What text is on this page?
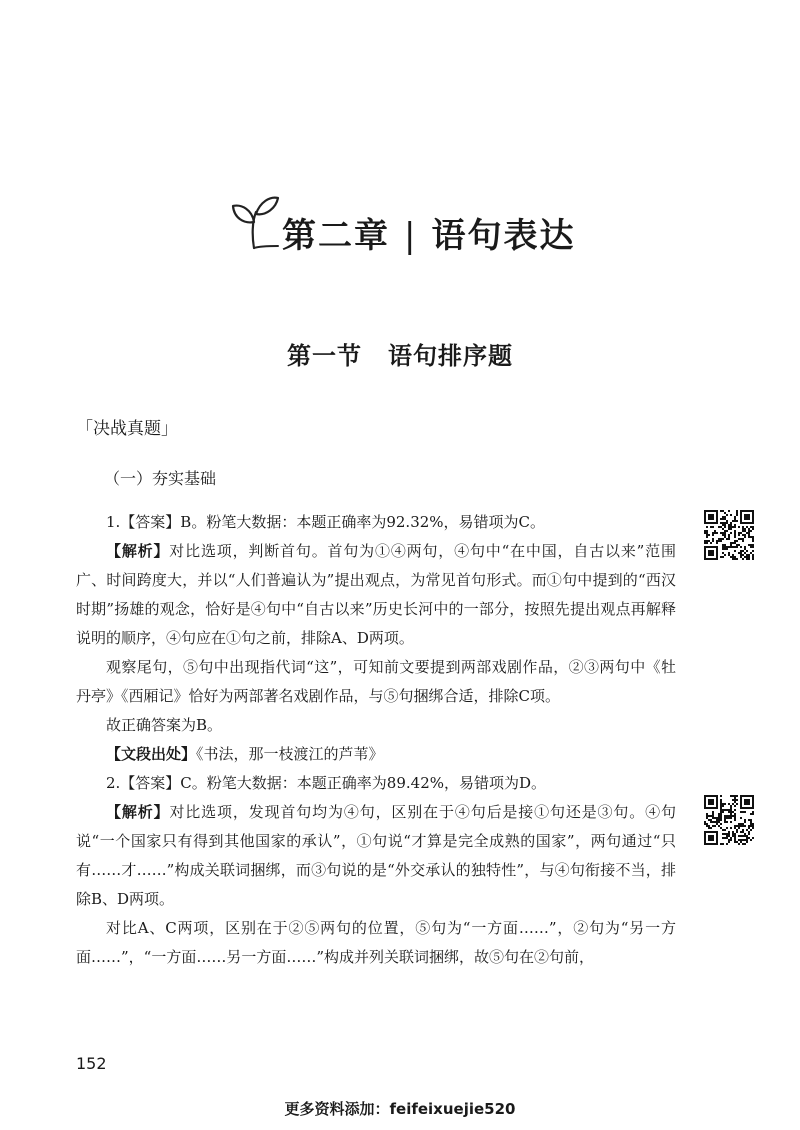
第二章 | 语句表达
第一节 语句排序题
「决战真题」
（一）夯实基础

1.【答案】B。粉笔大数据：本题正确率为92.32%，易错项为C。

【解析】对比选项，判断首句。首句为①④两句，④句中“在中国，自古以来”范围广、时间跨度大，并以“人们普遍认为”提出观点，为常见首句形式。而①句中提到的“西汉时期”扬雄的观念，恰好是④句中“自古以来”历史长河中的一部分，按照先提出观点再解释说明的顺序，④句应在①句之前，排除A、D两项。

观察尾句，⑤句中出现指代词“这”，可知前文要提到两部戏剧作品，②③两句中《牡丹亭》《西厢记》恰好为两部著名戏剧作品，与⑤句捆绑合适，排除C项。

故正确答案为B。

【文段出处】《书法，那一枝渡江的芦苇》

2.【答案】C。粉笔大数据：本题正确率为89.42%，易错项为D。

【解析】对比选项，发现首句均为④句，区别在于④句后是接①句还是③句。④句说“一个国家只有得到其他国家的承认”，①句说“才算是完全成熟的国家”，两句通过“只有……才……”构成关联词捆绑，而③句说的是“外交承认的独特性”，与④句衔接不当，排除B、D两项。

对比A、C两项，区别在于②⑤两句的位置，⑤句为“一方面……”，②句为“另一方面……”，“一方面……另一方面……”构成并列关联词捆绑，故⑤句在②句前，

152
更多资料添加：feifeixuejie520
